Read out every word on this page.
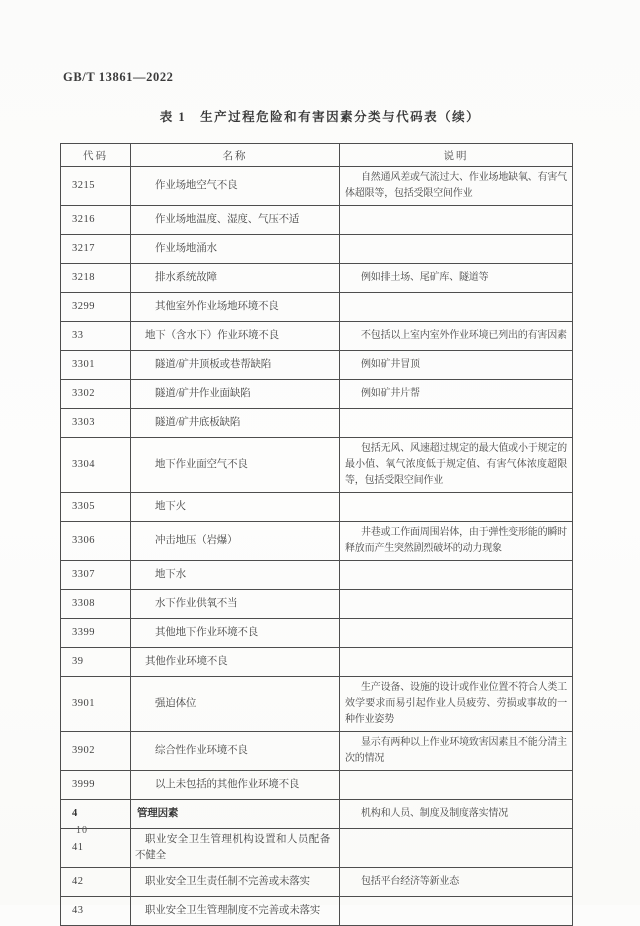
GB/T 13861—2022
表 1　生产过程危险和有害因素分类与代码表（续）
代码	名称	说明
3215	作业场地空气不良	自然通风差或气流过大、作业场地缺氧、有害气体超限等，包括受限空间作业
3216	作业场地温度、湿度、气压不适	
3217	作业场地涌水	
3218	排水系统故障	例如排土场、尾矿库、隧道等
3299	其他室外作业场地环境不良	
33	地下（含水下）作业环境不良	不包括以上室内室外作业环境已列出的有害因素
3301	隧道/矿井顶板或巷帮缺陷	例如矿井冒顶
3302	隧道/矿井作业面缺陷	例如矿井片帮
3303	隧道/矿井底板缺陷	
3304	地下作业面空气不良	包括无风、风速超过规定的最大值或小于规定的最小值、氧气浓度低于规定值、有害气体浓度超限等，包括受限空间作业
3305	地下火	
3306	冲击地压（岩爆）	井巷或工作面周围岩体，由于弹性变形能的瞬时释放而产生突然剧烈破坏的动力现象
3307	地下水	
3308	水下作业供氧不当	
3399	其他地下作业环境不良	
39	其他作业环境不良	
3901	强迫体位	生产设备、设施的设计或作业位置不符合人类工效学要求而易引起作业人员疲劳、劳损或事故的一种作业姿势
3902	综合性作业环境不良	显示有两种以上作业环境致害因素且不能分清主次的情况
3999	以上未包括的其他作业环境不良	
4	管理因素	机构和人员、制度及制度落实情况
41	职业安全卫生管理机构设置和人员配备不健全	
42	职业安全卫生责任制不完善或未落实	包括平台经济等新业态
43	职业安全卫生管理制度不完善或未落实	
10
